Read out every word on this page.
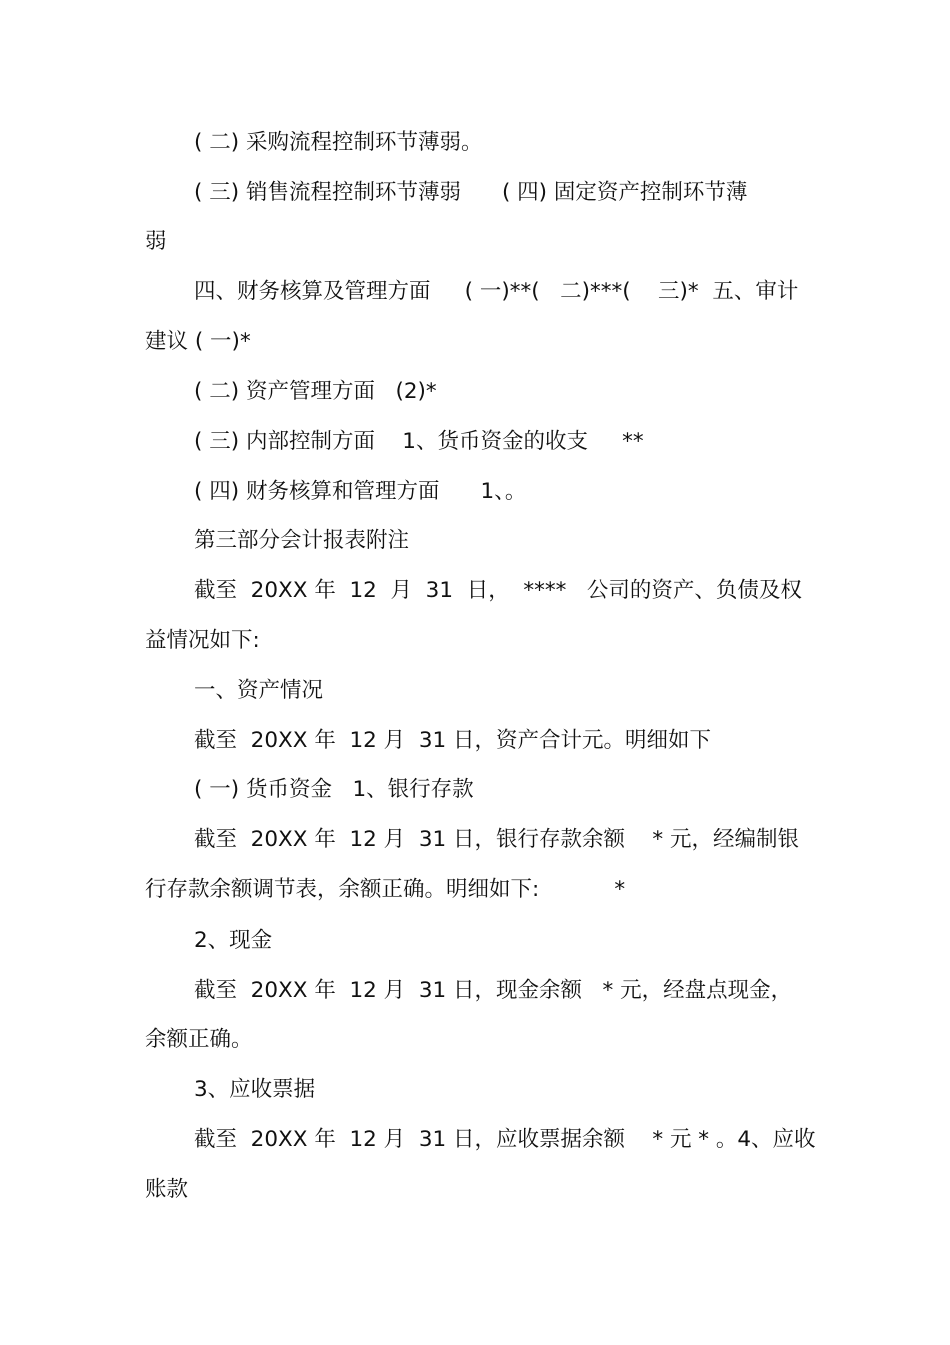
( 二) 采购流程控制环节薄弱。
( 三) 销售流程控制环节薄弱      ( 四) 固定资产控制环节薄
弱
四、财务核算及管理方面     ( 一)**(   二)***(    三)*  五、审计
建议 ( 一)*
( 二) 资产管理方面   (2)*
( 三) 内部控制方面    1、货币资金的收支     **
( 四) 财务核算和管理方面      1、。
第三部分会计报表附注
截至  20XX 年  12  月  31  日，  ****   公司的资产、负债及权
益情况如下:
一、资产情况
截至  20XX 年  12 月  31 日，资产合计元。明细如下
( 一) 货币资金   1、银行存款
截至  20XX 年  12 月  31 日，银行存款余额    * 元，经编制银
行存款余额调节表，余额正确。明细如下:           *
2、现金
截至  20XX 年  12 月  31 日，现金余额   * 元，经盘点现金，
余额正确。
3、应收票据
截至  20XX 年  12 月  31 日，应收票据余额    * 元 * 。4、应收
账款
